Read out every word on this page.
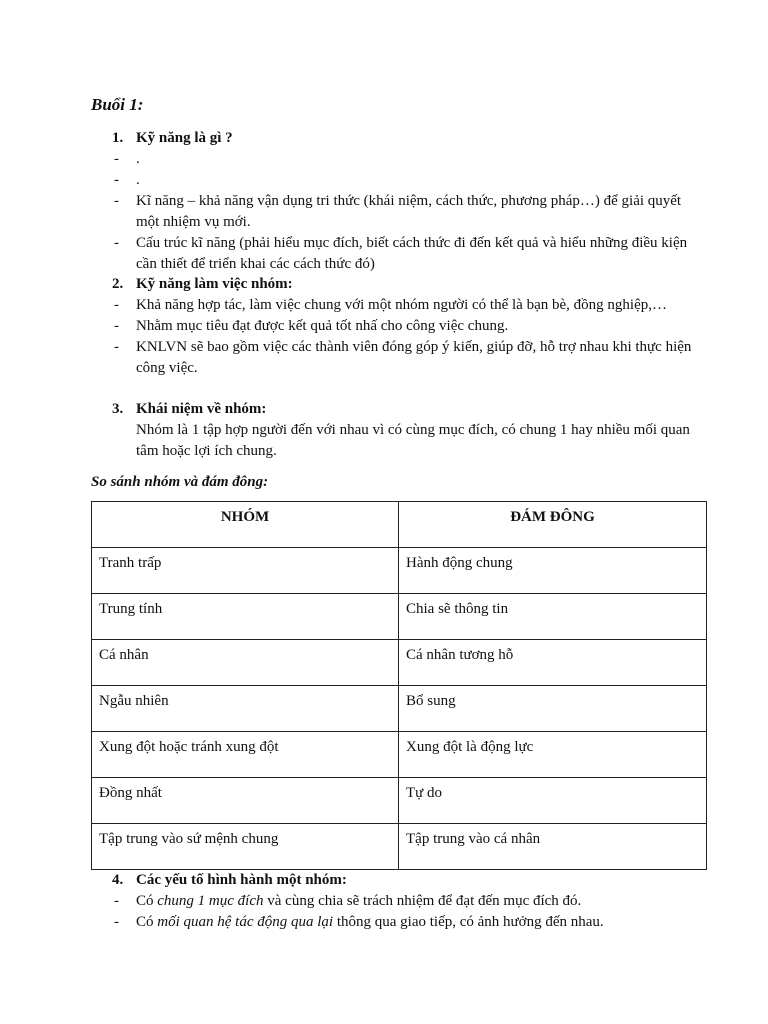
Buổi 1:
1. Kỹ năng là gì ?
- .
- .
- Kĩ năng – khả năng vận dụng tri thức (khái niệm, cách thức, phương pháp…) để giải quyết một nhiệm vụ mới.
- Cấu trúc kĩ năng (phải hiểu mục đích, biết cách thức đi đến kết quả và hiểu những điều kiện cần thiết để triển khai các cách thức đó)
2. Kỹ năng làm việc nhóm:
- Khả năng hợp tác, làm việc chung với một nhóm người có thể là bạn bè, đồng nghiệp,…
- Nhằm mục tiêu đạt được kết quả tốt nhấ cho công việc chung.
- KNLVN sẽ bao gồm việc các thành viên đóng góp ý kiến, giúp đỡ, hỗ trợ nhau khi thực hiện công việc.
3. Khái niệm về nhóm:
Nhóm là 1 tập hợp người đến với nhau vì có cùng mục đích, có chung 1 hay nhiều mối quan tâm hoặc lợi ích chung.
So sánh nhóm và đám đông:
NHÓM	ĐÁM ĐÔNG
Tranh trấp	Hành động chung
Trung tính	Chia sẽ thông tin
Cá nhân	Cá nhân tương hỗ
Ngẫu nhiên	Bổ sung
Xung đột hoặc tránh xung đột	Xung đột là động lực
Đồng nhất	Tự do
Tập trung vào sứ mệnh chung	Tập trung vào cá nhân
4. Các yếu tố hình hành một nhóm:
- Có chung 1 mục đích và cùng chia sẽ trách nhiệm để đạt đến mục đích đó.
- Có mối quan hệ tác động qua lại thông qua giao tiếp, có ảnh hưởng đến nhau.
